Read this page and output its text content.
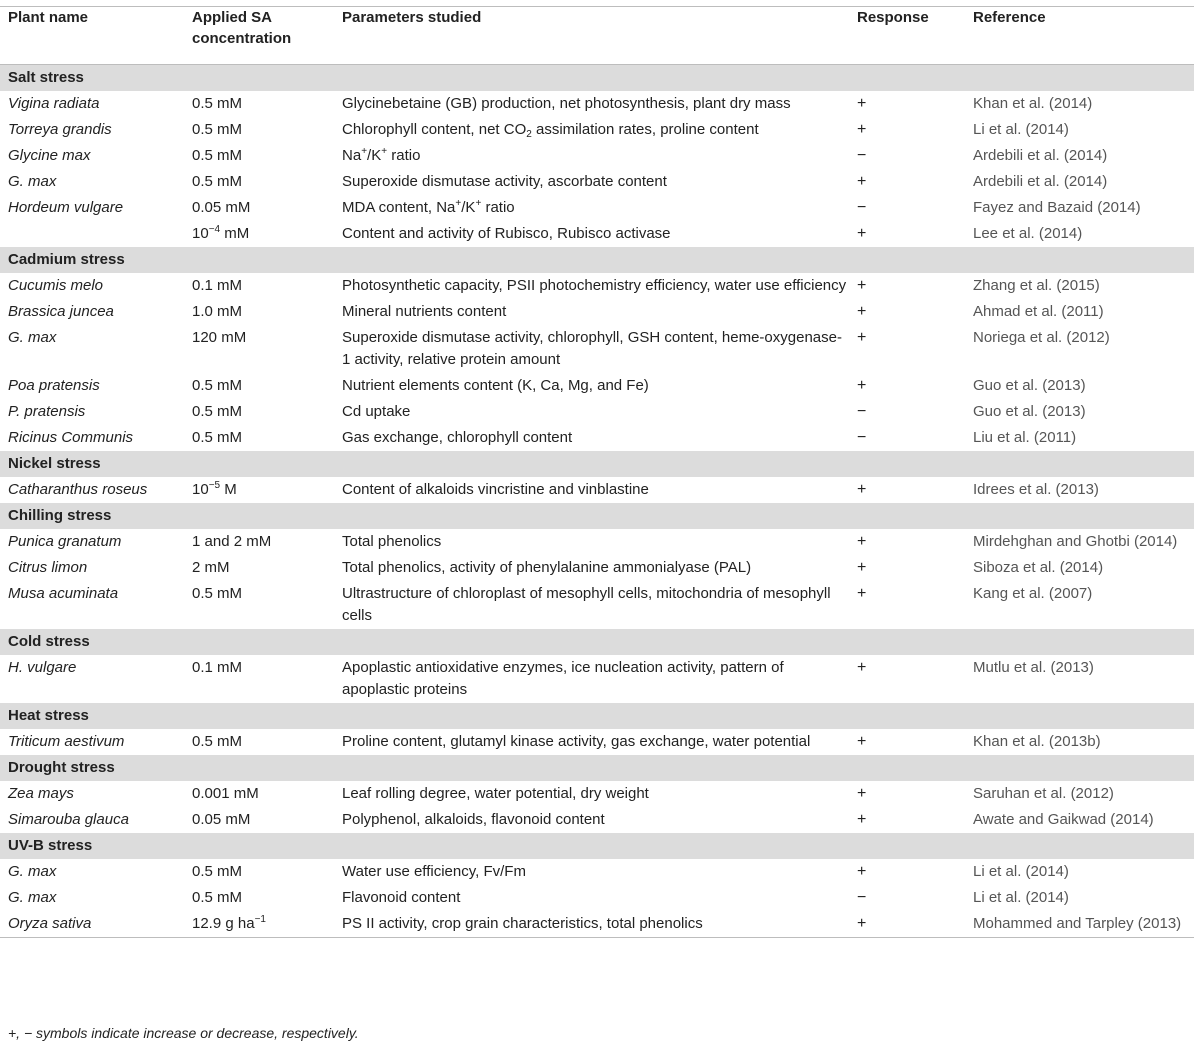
Plant name	Applied SA concentration	Parameters studied	Response	Reference
Salt stress				
Vigina radiata	0.5 mM	Glycinebetaine (GB) production, net photosynthesis, plant dry mass	+	Khan et al. (2014)
Torreya grandis	0.5 mM	Chlorophyll content, net $CO_2$ assimilation rates, proline content	+	Li et al. (2014)
Glycine max	0.5 mM	Na+/K+ ratio	−	Ardebili et al. (2014)
G. max	0.5 mM	Superoxide dismutase activity, ascorbate content	+	Ardebili et al. (2014)
Hordeum vulgare	0.05 mM	MDA content, Na+/K+ ratio	−	Fayez and Bazaid (2014)
	$10^{-4}$ mM	Content and activity of Rubisco, Rubisco activase	+	Lee et al. (2014)
Cadmium stress				
Cucumis melo	0.1 mM	Photosynthetic capacity, PSII photochemistry efficiency, water use efficiency	+	Zhang et al. (2015)
Brassica juncea	1.0 mM	Mineral nutrients content	+	Ahmad et al. (2011)
G. max	120 mM	Superoxide dismutase activity, chlorophyll, GSH content, heme-oxygenase-1 activity, relative protein amount	+	Noriega et al. (2012)
Poa pratensis	0.5 mM	Nutrient elements content (K, Ca, Mg, and Fe)	+	Guo et al. (2013)
P. pratensis	0.5 mM	Cd uptake	−	Guo et al. (2013)
Ricinus Communis	0.5 mM	Gas exchange, chlorophyll content	−	Liu et al. (2011)
Nickel stress				
Catharanthus roseus	$10^{-5}$ M	Content of alkaloids vincristine and vinblastine	+	Idrees et al. (2013)
Chilling stress				
Punica granatum	1 and 2 mM	Total phenolics	+	Mirdehghan and Ghotbi (2014)
Citrus limon	2 mM	Total phenolics, activity of phenylalanine ammonialyase (PAL)	+	Siboza et al. (2014)
Musa acuminata	0.5 mM	Ultrastructure of chloroplast of mesophyll cells, mitochondria of mesophyll cells	+	Kang et al. (2007)
Cold stress				
H. vulgare	0.1 mM	Apoplastic antioxidative enzymes, ice nucleation activity, pattern of apoplastic proteins	+	Mutlu et al. (2013)
Heat stress				
Triticum aestivum	0.5 mM	Proline content, glutamyl kinase activity, gas exchange, water potential	+	Khan et al. (2013b)
Drought stress				
Zea mays	0.001 mM	Leaf rolling degree, water potential, dry weight	+	Saruhan et al. (2012)
Simarouba glauca	0.05 mM	Polyphenol, alkaloids, flavonoid content	+	Awate and Gaikwad (2014)
UV-B stress				
G. max	0.5 mM	Water use efficiency, Fv/Fm	+	Li et al. (2014)
G. max	0.5 mM	Flavonoid content	−	Li et al. (2014)
Oryza sativa	12.9 g $ha^{-1}$	PS II activity, crop grain characteristics, total phenolics	+	Mohammed and Tarpley (2013)

+, − symbols indicate increase or decrease, respectively.
